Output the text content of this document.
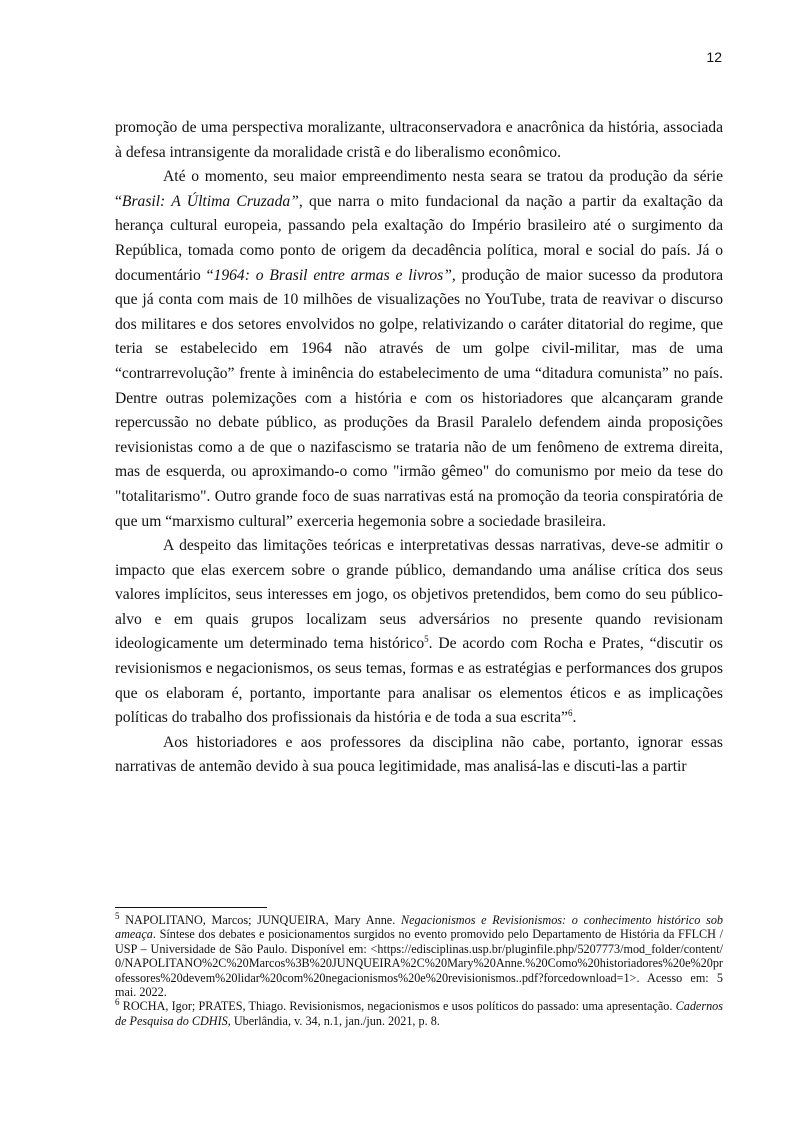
12

promoção de uma perspectiva moralizante, ultraconservadora e anacrônica da história, associada à defesa intransigente da moralidade cristã e do liberalismo econômico.

Até o momento, seu maior empreendimento nesta seara se tratou da produção da série “Brasil: A Última Cruzada”, que narra o mito fundacional da nação a partir da exaltação da herança cultural europeia, passando pela exaltação do Império brasileiro até o surgimento da República, tomada como ponto de origem da decadência política, moral e social do país. Já o documentário “1964: o Brasil entre armas e livros”, produção de maior sucesso da produtora que já conta com mais de 10 milhões de visualizações no YouTube, trata de reavivar o discurso dos militares e dos setores envolvidos no golpe, relativizando o caráter ditatorial do regime, que teria se estabelecido em 1964 não através de um golpe civil-militar, mas de uma “contrarrevolução” frente à iminência do estabelecimento de uma “ditadura comunista” no país. Dentre outras polemizações com a história e com os historiadores que alcançaram grande repercussão no debate público, as produções da Brasil Paralelo defendem ainda proposições revisionistas como a de que o nazifascismo se trataria não de um fenômeno de extrema direita, mas de esquerda, ou aproximando-o como "irmão gêmeo" do comunismo por meio da tese do "totalitarismo". Outro grande foco de suas narrativas está na promoção da teoria conspiratória de que um “marxismo cultural” exerceria hegemonia sobre a sociedade brasileira.

A despeito das limitações teóricas e interpretativas dessas narrativas, deve-se admitir o impacto que elas exercem sobre o grande público, demandando uma análise crítica dos seus valores implícitos, seus interesses em jogo, os objetivos pretendidos, bem como do seu público-alvo e em quais grupos localizam seus adversários no presente quando revisionam ideologicamente um determinado tema histórico$^5$. De acordo com Rocha e Prates, “discutir os revisionismos e negacionismos, os seus temas, formas e as estratégias e performances dos grupos que os elaboram é, portanto, importante para analisar os elementos éticos e as implicações políticas do trabalho dos profissionais da história e de toda a sua escrita”$^6$.

Aos historiadores e aos professores da disciplina não cabe, portanto, ignorar essas narrativas de antemão devido à sua pouca legitimidade, mas analisá-las e discuti-las a partir

$^5$ NAPOLITANO, Marcos; JUNQUEIRA, Mary Anne. Negacionismos e Revisionismos: o conhecimento histórico sob ameaça. Síntese dos debates e posicionamentos surgidos no evento promovido pelo Departamento de História da FFLCH / USP – Universidade de São Paulo. Disponível em: <https://edisciplinas.usp.br/pluginfile.php/5207773/mod_folder/content/0/NAPOLITANO%2C%20Marcos%3B%20JUNQUEIRA%2C%20Mary%20Anne.%20Como%20historiadores%20e%20professores%20devem%20lidar%20com%20negacionismos%20e%20revisionismos..pdf?forcedownload=1>. Acesso em: 5 mai. 2022.

$^6$ ROCHA, Igor; PRATES, Thiago. Revisionismos, negacionismos e usos políticos do passado: uma apresentação. Cadernos de Pesquisa do CDHIS, Uberlândia, v. 34, n.1, jan./jun. 2021, p. 8.
